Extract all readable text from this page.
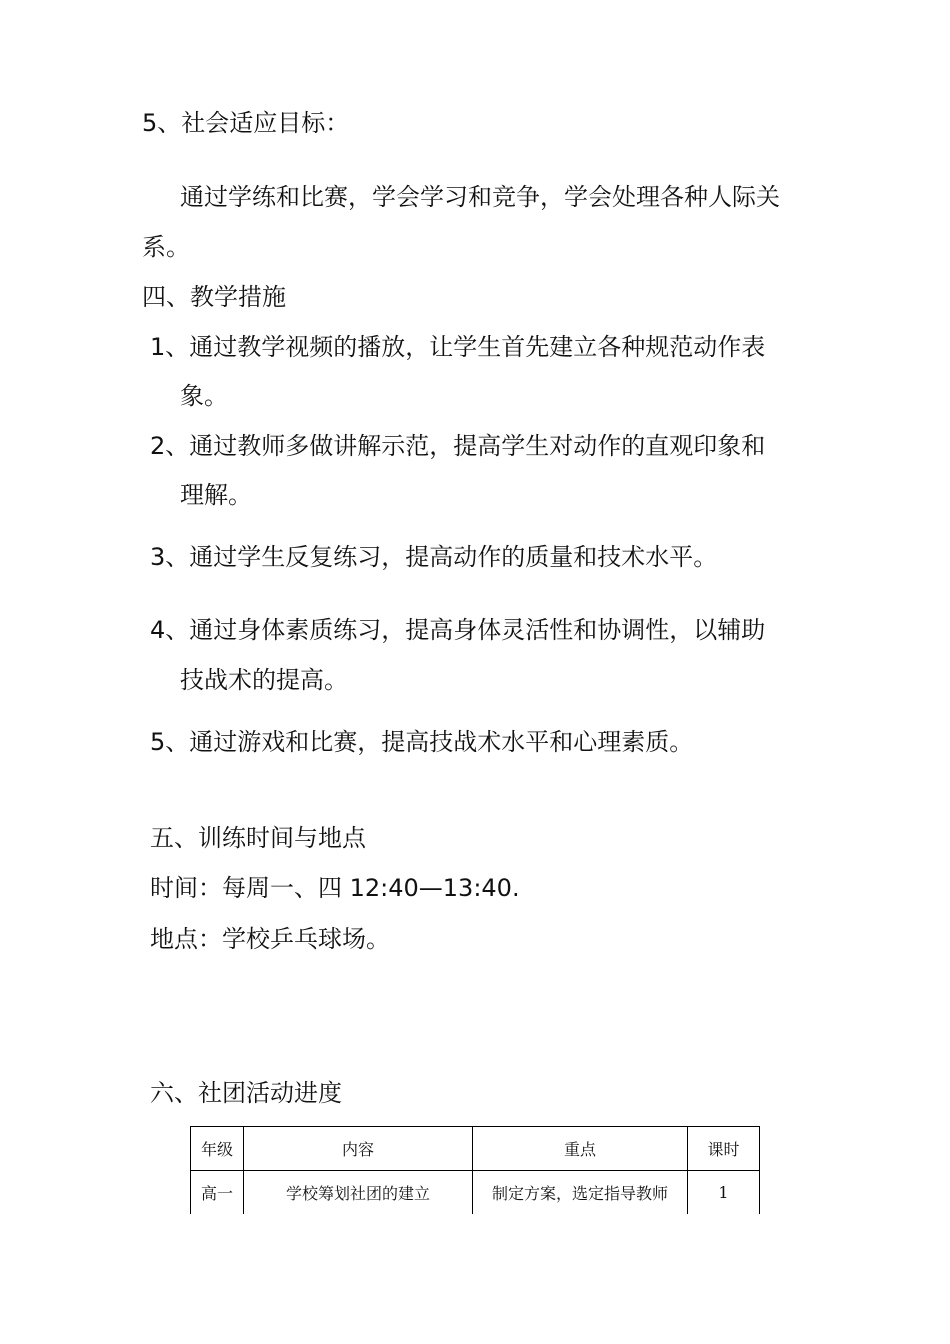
5、社会适应目标：
通过学练和比赛，学会学习和竞争，学会处理各种人际关
系。
四、教学措施
1、通过教学视频的播放，让学生首先建立各种规范动作表
象。
2、通过教师多做讲解示范，提高学生对动作的直观印象和
理解。
3、通过学生反复练习，提高动作的质量和技术水平。
4、通过身体素质练习，提高身体灵活性和协调性，以辅助
技战术的提高。
5、通过游戏和比赛，提高技战术水平和心理素质。
五、训练时间与地点
时间：每周一、四 12:40—13:40.
地点：学校乒乓球场。
六、社团活动进度
年级	内容	重点	课时
高一	学校筹划社团的建立	制定方案，选定指导教师	1
